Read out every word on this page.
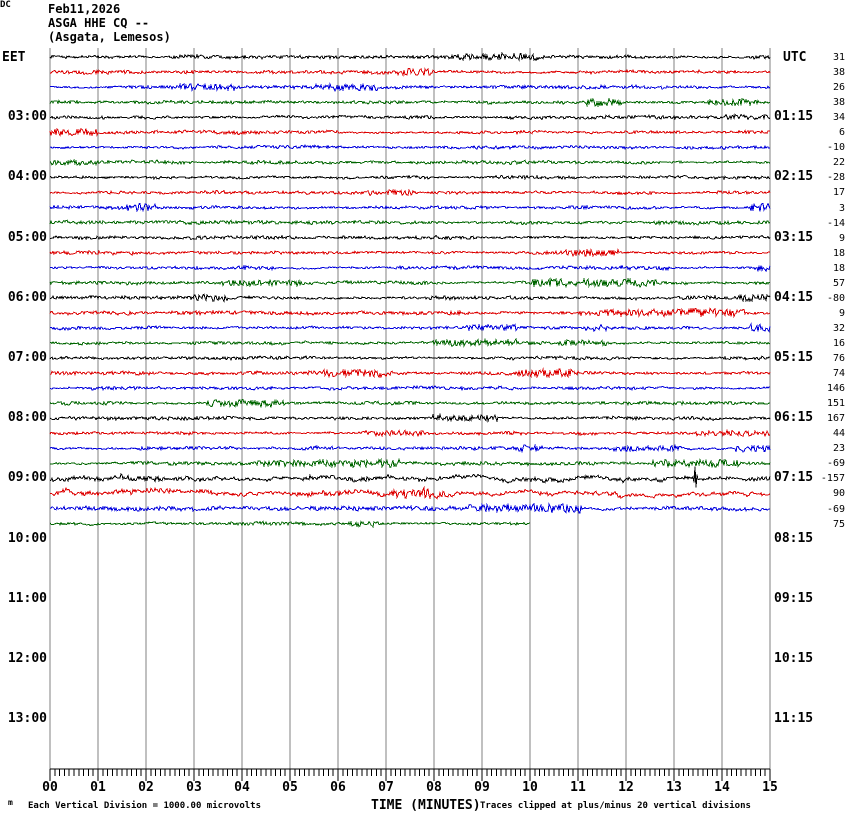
Feb11,2026
ASGA HHE CQ --
(Asgata, Lemesos)
EET	UTC
DC
m Each Vertical Division = 1000.00 microvolts	TIME (MINUTES) Traces clipped at plus/minus 20 vertical divisions
03:00
04:00
05:00
06:00
07:00
08:00
09:00
10:00
11:00
12:00
13:00
01:15
02:15
03:15
04:15
05:15
06:15
07:15
08:15
09:15
10:15
11:15
31
38
26
38
34
6
-10
22
-28
17
3
-14
9
18
18
57
-80
9
32
16
76
74
146
151
167
44
23
-69
-157
90
-69
75
00	01	02	03	04	05	06	07	08	09	10	11	12	13	14	15
